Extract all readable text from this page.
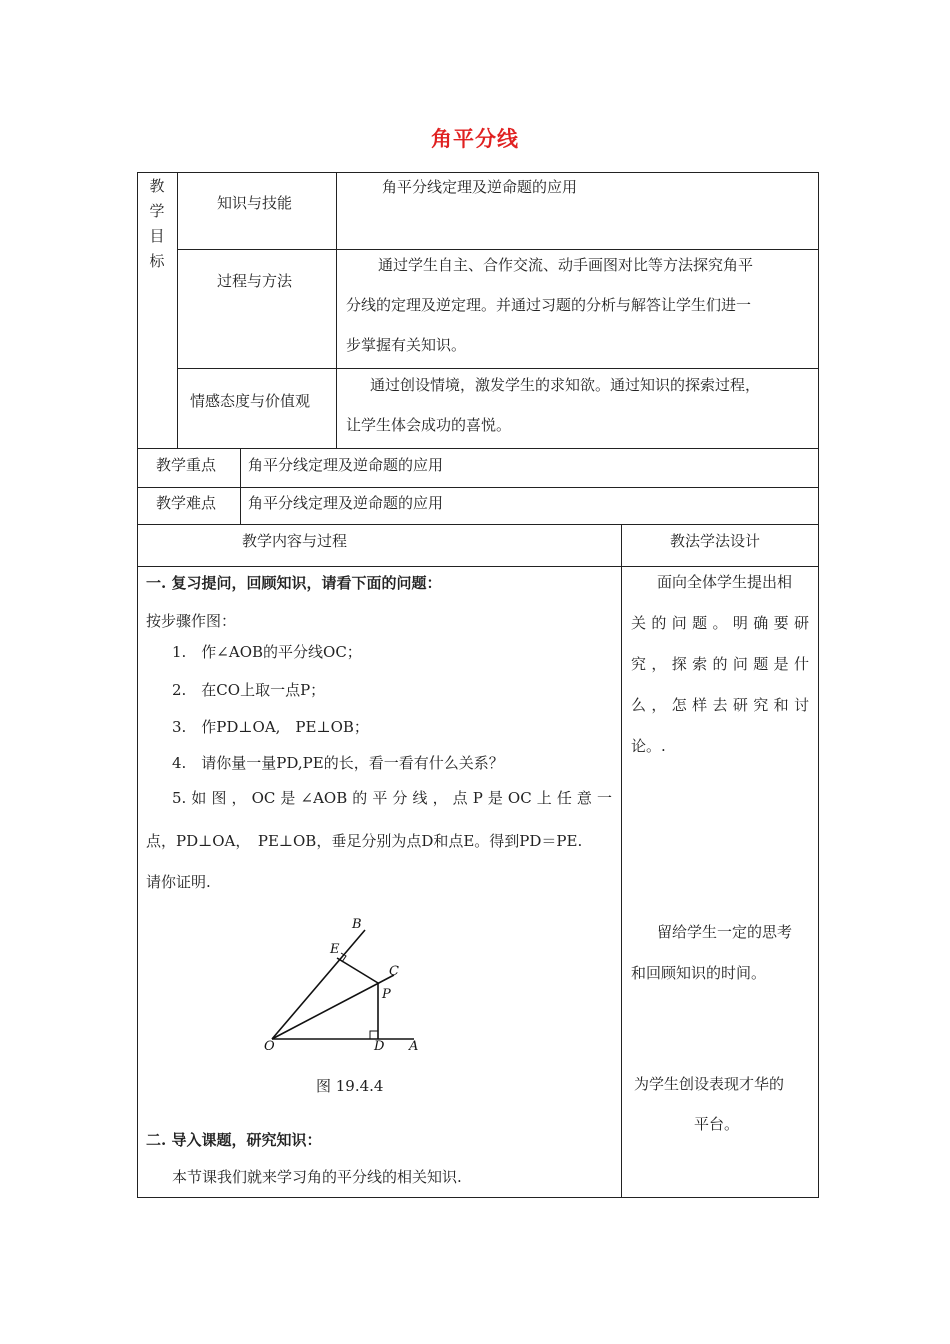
角平分线
教学目标
知识与技能
角平分线定理及逆命题的应用
过程与方法
通过学生自主、合作交流、动手画图对比等方法探究角平
分线的定理及逆定理。并通过习题的分析与解答让学生们进一
步掌握有关知识。
情感态度与价值观
通过创设情境，激发学生的求知欲。通过知识的探索过程，
让学生体会成功的喜悦。
教学重点 角平分线定理及逆命题的应用
教学难点 角平分线定理及逆命题的应用
教学内容与过程	教法学法设计
一. 复习提问，回顾知识，请看下面的问题：
按步骤作图：
1.　作∠AOB的平分线OC；
2.　在CO上取一点P；
3.　作PD⊥OA,　PE⊥OB；
4.　请你量一量PD,PE的长，看一看有什么关系？
5.如图，OC是∠AOB的平分线，点P是OC上任意一
点，PD⊥OA，　PE⊥OB，垂足分别为点D和点E。得到PD＝PE.
请你证明.
O	D A
B
E
C
P
图 19.4.4
二. 导入课题，研究知识：
本节课我们就来学习角的平分线的相关知识.
面向全体学生提出相
关的问题。明确要研
究，探索的问题是什
么，怎样去研究和讨
论。.
留给学生一定的思考
和回顾知识的时间。
为学生创设表现才华的
平台。
